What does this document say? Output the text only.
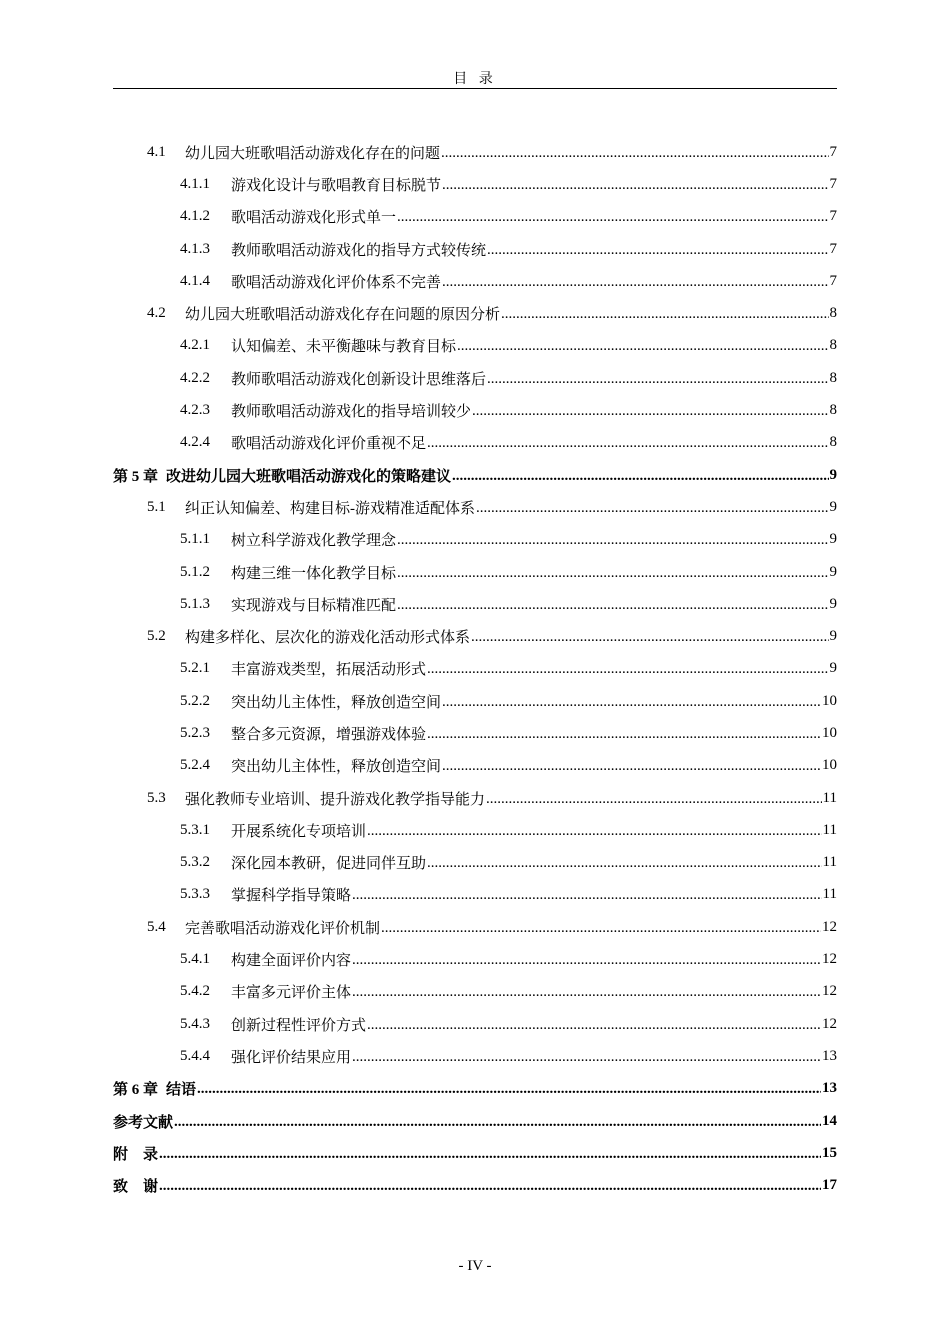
目 录
4.1	幼儿园大班歌唱活动游戏化存在的问题 .....	7
4.1.1	游戏化设计与歌唱教育目标脱节 .....	7
4.1.2	歌唱活动游戏化形式单一 .....	7
4.1.3	教师歌唱活动游戏化的指导方式较传统 .....	7
4.1.4	歌唱活动游戏化评价体系不完善 .....	7
4.2	幼儿园大班歌唱活动游戏化存在问题的原因分析 .....	8
4.2.1	认知偏差、未平衡趣味与教育目标 .....	8
4.2.2	教师歌唱活动游戏化创新设计思维落后 .....	8
4.2.3	教师歌唱活动游戏化的指导培训较少 .....	8
4.2.4	歌唱活动游戏化评价重视不足 .....	8
第 5 章 改进幼儿园大班歌唱活动游戏化的策略建议 .....	9
5.1	纠正认知偏差、构建目标-游戏精准适配体系 .....	9
5.1.1	树立科学游戏化教学理念 .....	9
5.1.2	构建三维一体化教学目标 .....	9
5.1.3	实现游戏与目标精准匹配 .....	9
5.2	构建多样化、层次化的游戏化活动形式体系 .....	9
5.2.1	丰富游戏类型，拓展活动形式 .....	9
5.2.2	突出幼儿主体性，释放创造空间 .....	10
5.2.3	整合多元资源，增强游戏体验 .....	10
5.2.4	突出幼儿主体性，释放创造空间 .....	10
5.3	强化教师专业培训、提升游戏化教学指导能力 .....	11
5.3.1	开展系统化专项培训 .....	11
5.3.2	深化园本教研，促进同伴互助 .....	11
5.3.3	掌握科学指导策略 .....	11
5.4	完善歌唱活动游戏化评价机制 .....	12
5.4.1	构建全面评价内容 .....	12
5.4.2	丰富多元评价主体 .....	12
5.4.3	创新过程性评价方式 .....	12
5.4.4	强化评价结果应用 .....	13
第 6 章 结语 .....	13
参考文献 .....	14
附　录 .....	15
致　谢 .....	17
- IV -
